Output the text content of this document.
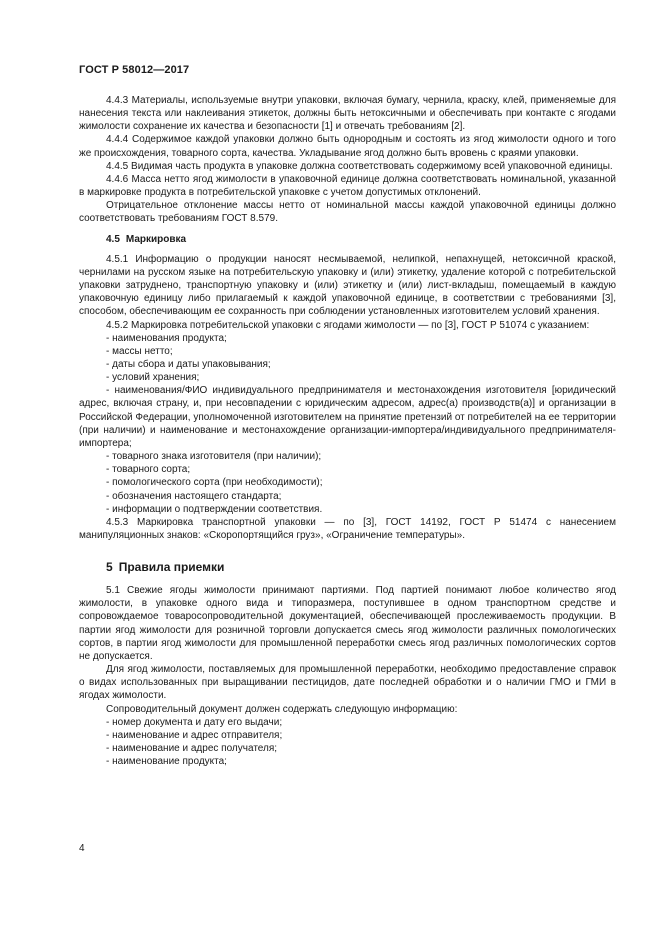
ГОСТ Р 58012—2017

4.4.3 Материалы, используемые внутри упаковки, включая бумагу, чернила, краску, клей, применяемые для нанесения текста или наклеивания этикеток, должны быть нетоксичными и обеспечивать при контакте с ягодами жимолости сохранение их качества и безопасности [1] и отвечать требованиям [2].

4.4.4 Содержимое каждой упаковки должно быть однородным и состоять из ягод жимолости одного и того же происхождения, товарного сорта, качества. Укладывание ягод должно быть вровень с краями упаковки.

4.4.5 Видимая часть продукта в упаковке должна соответствовать содержимому всей упаковочной единицы.

4.4.6 Масса нетто ягод жимолости в упаковочной единице должна соответствовать номинальной, указанной в маркировке продукта в потребительской упаковке с учетом допустимых отклонений.

Отрицательное отклонение массы нетто от номинальной массы каждой упаковочной единицы должно соответствовать требованиям ГОСТ 8.579.

4.5 Маркировка

4.5.1 Информацию о продукции наносят несмываемой, нелипкой, непахнущей, нетоксичной краской, чернилами на русском языке на потребительскую упаковку и (или) этикетку, удаление которой с потребительской упаковки затруднено, транспортную упаковку и (или) этикетку и (или) лист-вкладыш, помещаемый в каждую упаковочную единицу либо прилагаемый к каждой упаковочной единице, в соответствии с требованиями [3], способом, обеспечивающим ее сохранность при соблюдении установленных изготовителем условий хранения.

4.5.2 Маркировка потребительской упаковки с ягодами жимолости — по [3], ГОСТ Р 51074 с указанием:

- наименования продукта;
- массы нетто;
- даты сбора и даты упаковывания;
- условий хранения;

- наименования/ФИО индивидуального предпринимателя и местонахождения изготовителя [юридический адрес, включая страну, и, при несовпадении с юридическим адресом, адрес(а) производств(а)] и организации в Российской Федерации, уполномоченной изготовителем на принятие претензий от потребителей на ее территории (при наличии) и наименование и местонахождение организации-импортера/индивидуального предпринимателя-импортера;

- товарного знака изготовителя (при наличии);
- товарного сорта;
- помологического сорта (при необходимости);
- обозначения настоящего стандарта;
- информации о подтверждении соответствия.

4.5.3 Маркировка транспортной упаковки — по [3], ГОСТ 14192, ГОСТ Р 51474 с нанесением манипуляционных знаков: «Скоропортящийся груз», «Ограничение температуры».

5 Правила приемки

5.1 Свежие ягоды жимолости принимают партиями. Под партией понимают любое количество ягод жимолости, в упаковке одного вида и типоразмера, поступившее в одном транспортном средстве и сопровождаемое товаросопроводительной документацией, обеспечивающей прослеживаемость продукции. В партии ягод жимолости для розничной торговли допускается смесь ягод жимолости различных помологических сортов, в партии ягод жимолости для промышленной переработки смесь ягод различных помологических сортов не допускается.

Для ягод жимолости, поставляемых для промышленной переработки, необходимо предоставление справок о видах использованных при выращивании пестицидов, дате последней обработки и о наличии ГМО и ГМИ в ягодах жимолости.

Сопроводительный документ должен содержать следующую информацию:

- номер документа и дату его выдачи;
- наименование и адрес отправителя;
- наименование и адрес получателя;
- наименование продукта;
4
